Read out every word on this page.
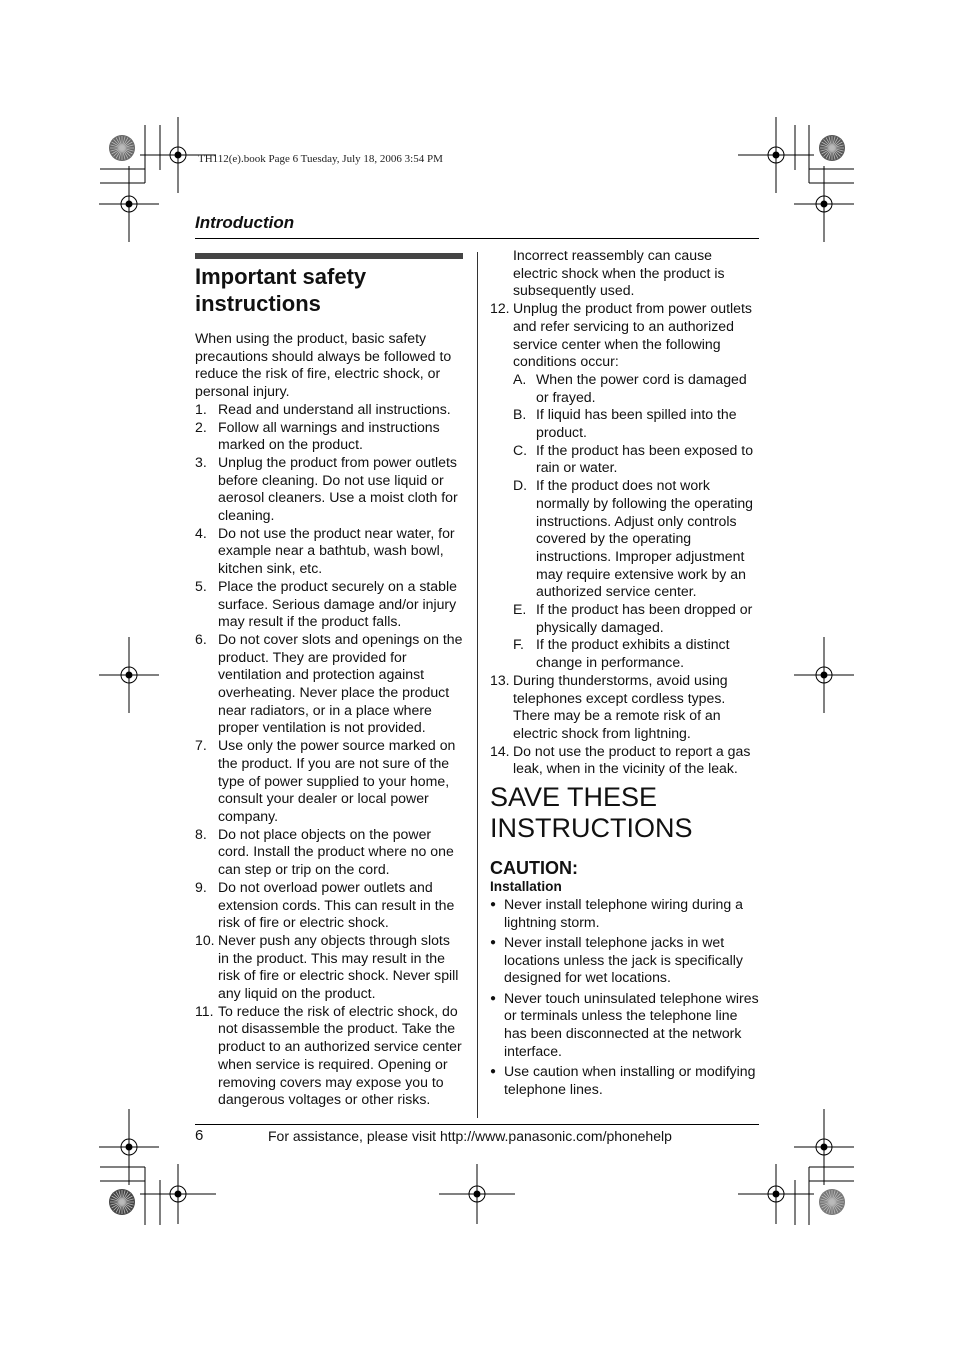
TH112(e).book Page 6 Tuesday, July 18, 2006 3:54 PM
Introduction
Important safety instructions

When using the product, basic safety precautions should always be followed to reduce the risk of fire, electric shock, or personal injury.

1. Read and understand all instructions.
2. Follow all warnings and instructions marked on the product.
3. Unplug the product from power outlets before cleaning. Do not use liquid or aerosol cleaners. Use a moist cloth for cleaning.
4. Do not use the product near water, for example near a bathtub, wash bowl, kitchen sink, etc.
5. Place the product securely on a stable surface. Serious damage and/or injury may result if the product falls.
6. Do not cover slots and openings on the product. They are provided for ventilation and protection against overheating. Never place the product near radiators, or in a place where proper ventilation is not provided.
7. Use only the power source marked on the product. If you are not sure of the type of power supplied to your home, consult your dealer or local power company.
8. Do not place objects on the power cord. Install the product where no one can step or trip on the cord.
9. Do not overload power outlets and extension cords. This can result in the risk of fire or electric shock.
10. Never push any objects through slots in the product. This may result in the risk of fire or electric shock. Never spill any liquid on the product.
11. To reduce the risk of electric shock, do not disassemble the product. Take the product to an authorized service center when service is required. Opening or removing covers may expose you to dangerous voltages or other risks.

Incorrect reassembly can cause electric shock when the product is subsequently used.

12. Unplug the product from power outlets and refer servicing to an authorized service center when the following conditions occur:
A. When the power cord is damaged or frayed.
B. If liquid has been spilled into the product.
C. If the product has been exposed to rain or water.
D. If the product does not work normally by following the operating instructions. Adjust only controls covered by the operating instructions. Improper adjustment may require extensive work by an authorized service center.
E. If the product has been dropped or physically damaged.
F. If the product exhibits a distinct change in performance.
13. During thunderstorms, avoid using telephones except cordless types. There may be a remote risk of an electric shock from lightning.
14. Do not use the product to report a gas leak, when in the vicinity of the leak.
SAVE THESE INSTRUCTIONS

CAUTION:

Installation

● Never install telephone wiring during a lightning storm.
● Never install telephone jacks in wet locations unless the jack is specifically designed for wet locations.
● Never touch uninsulated telephone wires or terminals unless the telephone line has been disconnected at the network interface.
● Use caution when installing or modifying telephone lines.
6	For assistance, please visit http://www.panasonic.com/phonehelp
